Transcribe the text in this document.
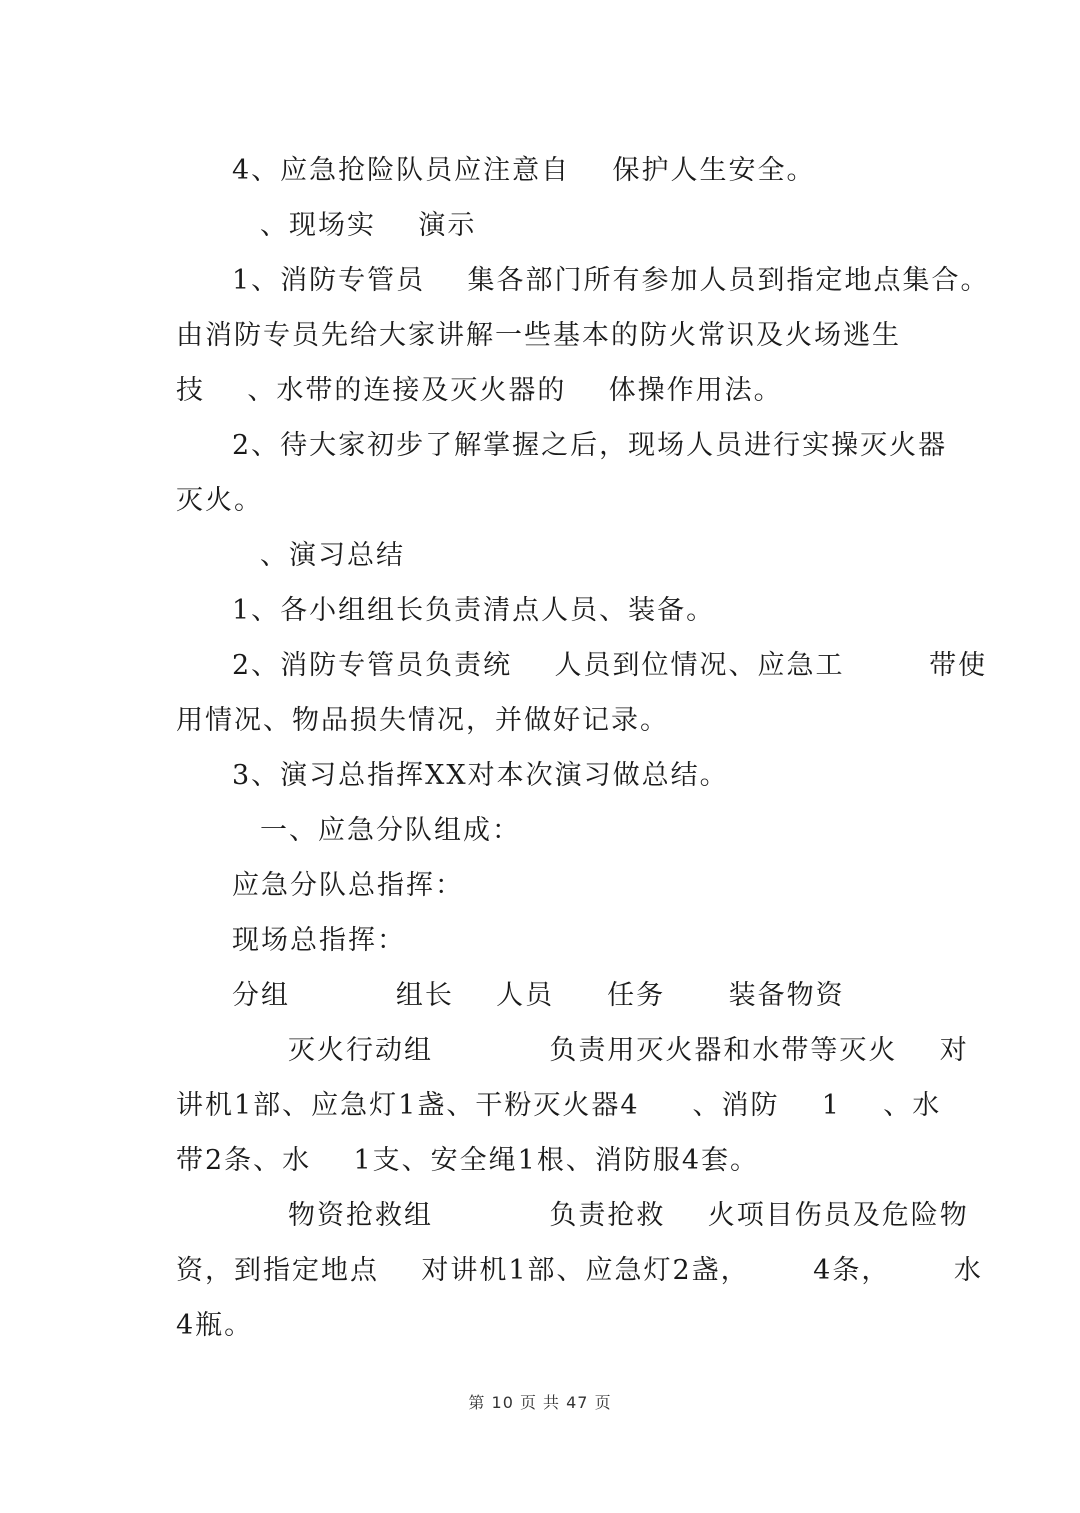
4、应急抢险队员应注意自    保护人生安全。
、现场实    演示
1、消防专管员    集各部门所有参加人员到指定地点集合。
由消防专员先给大家讲解一些基本的防火常识及火场逃生
技    、水带的连接及灭火器的    体操作用法。
2、待大家初步了解掌握之后，现场人员进行实操灭火器
灭火。
、演习总结
1、各小组组长负责清点人员、装备。
2、消防专管员负责统    人员到位情况、应急工        带使
用情况、物品损失情况，并做好记录。
3、演习总指挥XX对本次演习做总结。
一、应急分队组成：
应急分队总指挥：
现场总指挥：
分组          组长    人员     任务      装备物资
灭火行动组           负责用灭火器和水带等灭火    对
讲机1部、应急灯1盏、干粉灭火器4     、消防    1    、水
带2条、水    1支、安全绳1根、消防服4套。
物资抢救组           负责抢救    火项目伤员及危险物
资，到指定地点    对讲机1部、应急灯2盏，      4条，      水
4瓶。
第 10 页 共 47 页
